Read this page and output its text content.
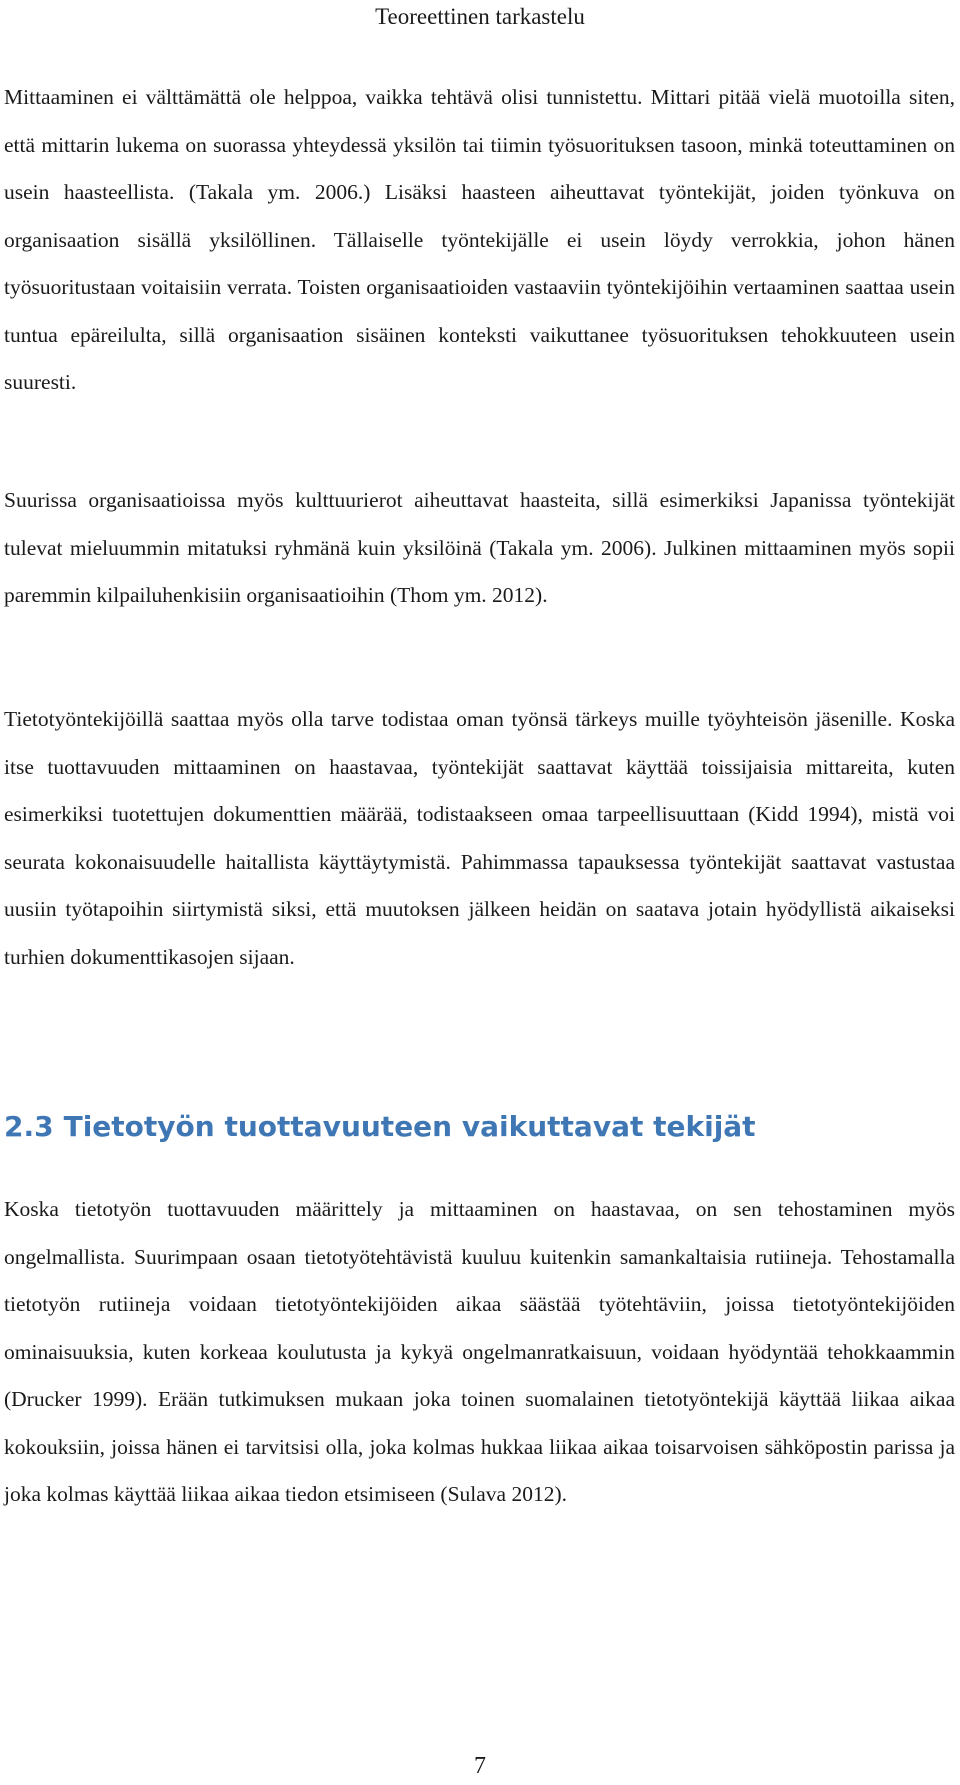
Teoreettinen tarkastelu

Mittaaminen ei välttämättä ole helppoa, vaikka tehtävä olisi tunnistettu. Mittari pitää vielä muotoilla siten, että mittarin lukema on suorassa yhteydessä yksilön tai tiimin työsuorituksen tasoon, minkä toteuttaminen on usein haasteellista. (Takala ym. 2006.) Lisäksi haasteen aiheuttavat työntekijät, joiden työnkuva on organisaation sisällä yksilöllinen. Tällaiselle työntekijälle ei usein löydy verrokkia, johon hänen työsuoritustaan voitaisiin verrata. Toisten organisaatioiden vastaaviin työntekijöihin vertaaminen saattaa usein tuntua epäreilulta, sillä organisaation sisäinen konteksti vaikuttanee työsuorituksen tehokkuuteen usein suuresti.

Suurissa organisaatioissa myös kulttuurierot aiheuttavat haasteita, sillä esimerkiksi Japanissa työntekijät tulevat mieluummin mitatuksi ryhmänä kuin yksilöinä (Takala ym. 2006). Julkinen mittaaminen myös sopii paremmin kilpailuhenkisiin organisaatioihin (Thom ym. 2012).

Tietotyöntekijöillä saattaa myös olla tarve todistaa oman työnsä tärkeys muille työyhteisön jäsenille. Koska itse tuottavuuden mittaaminen on haastavaa, työntekijät saattavat käyttää toissijaisia mittareita, kuten esimerkiksi tuotettujen dokumenttien määrää, todistaakseen omaa tarpeellisuuttaan (Kidd 1994), mistä voi seurata kokonaisuudelle haitallista käyttäytymistä. Pahimmassa tapauksessa työntekijät saattavat vastustaa uusiin työtapoihin siirtymistä siksi, että muutoksen jälkeen heidän on saatava jotain hyödyllistä aikaiseksi turhien dokumenttikasojen sijaan.

2.3 Tietotyön tuottavuuteen vaikuttavat tekijät

Koska tietotyön tuottavuuden määrittely ja mittaaminen on haastavaa, on sen tehostaminen myös ongelmallista. Suurimpaan osaan tietotyötehtävistä kuuluu kuitenkin samankaltaisia rutiineja. Tehostamalla tietotyön rutiineja voidaan tietotyöntekijöiden aikaa säästää työtehtäviin, joissa tietotyöntekijöiden ominaisuuksia, kuten korkeaa koulutusta ja kykyä ongelmanratkaisuun, voidaan hyödyntää tehokkaammin (Drucker 1999). Erään tutkimuksen mukaan joka toinen suomalainen tietotyöntekijä käyttää liikaa aikaa kokouksiin, joissa hänen ei tarvitsisi olla, joka kolmas hukkaa liikaa aikaa toisarvoisen sähköpostin parissa ja joka kolmas käyttää liikaa aikaa tiedon etsimiseen (Sulava 2012).

7
